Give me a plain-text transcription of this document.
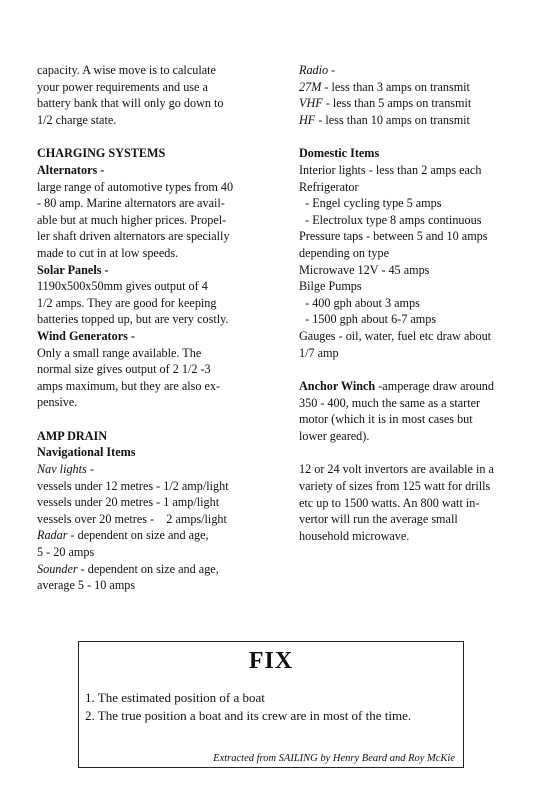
capacity. A wise move is to calculate
your power requirements and use a
battery bank that will only go down to
1/2 charge state.
CHARGING SYSTEMS
Alternators -
large range of automotive types from 40
- 80 amp. Marine alternators are avail-
able but at much higher prices. Propel-
ler shaft driven alternators are specially
made to cut in at low speeds.
Solar Panels -
1190x500x50mm gives output of 4
1/2 amps. They are good for keeping
batteries topped up, but are very costly.
Wind Generators -
Only a small range available. The
normal size gives output of 2 1/2 -3
amps maximum, but they are also ex-
pensive.
AMP DRAIN
Navigational Items
Nav lights -
vessels under 12 metres - 1/2 amp/light
vessels under 20 metres - 1 amp/light
vessels over 20 metres -    2 amps/light
Radar - dependent on size and age,
5 - 20 amps
Sounder - dependent on size and age,
average 5 - 10 amps
Radio -
27M - less than 3 amps on transmit
VHF - less than 5 amps on transmit
HF - less than 10 amps on transmit
Domestic Items
Interior lights - less than 2 amps each
Refrigerator
- Engel cycling type 5 amps
- Electrolux type 8 amps continuous
Pressure taps - between 5 and 10 amps
depending on type
Microwave 12V - 45 amps
Bilge Pumps
- 400 gph about 3 amps
- 1500 gph about 6-7 amps
Gauges - oil, water, fuel etc draw about
1/7 amp
Anchor Winch -amperage draw around
350 - 400, much the same as a starter
motor (which it is in most cases but
lower geared).
12 or 24 volt invertors are available in a
variety of sizes from 125 watt for drills
etc up to 1500 watts. An 800 watt in-
vertor will run the average small
household microwave.
FIX
1. The estimated position of a boat
2. The true position a boat and its crew are in most of the time.
Extracted from SAILING by Henry Beard and Roy McKie
